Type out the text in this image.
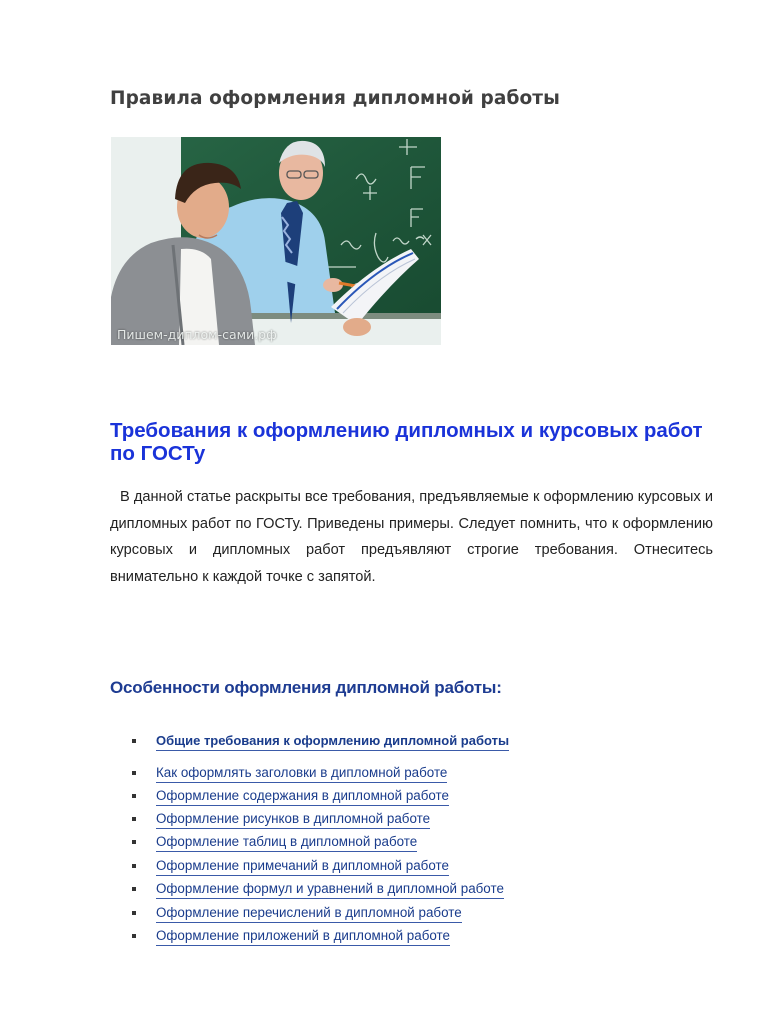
Правила оформления дипломной работы
Пишем-диплом-сами.рф
Требования к оформлению дипломных и курсовых работ по ГОСТу

В данной статье раскрыты все требования, предъявляемые к оформлению курсовых и дипломных работ по ГОСТу. Приведены примеры. Следует помнить, что к оформлению курсовых и дипломных работ предъявляют строгие требования. Отнеситесь внимательно к каждой точке с запятой.

Особенности оформления дипломной работы:
Общие требования к оформлению дипломной работы
Как оформлять заголовки в дипломной работе
Оформление содержания в дипломной работе
Оформление рисунков в дипломной работе
Оформление таблиц в дипломной работе
Оформление примечаний в дипломной работе
Оформление формул и уравнений в дипломной работе
Оформление перечислений в дипломной работе
Оформление приложений в дипломной работе
